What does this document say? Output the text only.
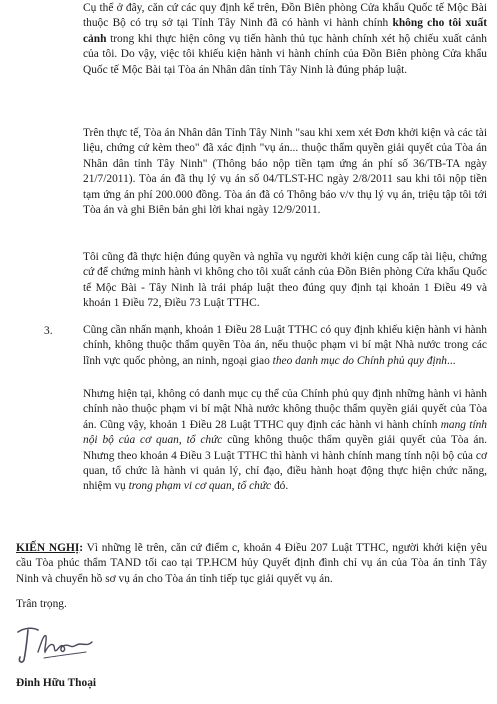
Cụ thể ở đây, căn cứ các quy định kể trên, Đồn Biên phòng Cửa khẩu Quốc tế Mộc Bài thuộc Bộ có trụ sở tại Tỉnh Tây Ninh đã có hành vi hành chính không cho tôi xuất cảnh trong khi thực hiện công vụ tiến hành thủ tục hành chính xét hộ chiếu xuất cảnh của tôi. Do vậy, việc tôi khiếu kiện hành vi hành chính của Đồn Biên phòng Cửa khẩu Quốc tế Mộc Bài tại Tòa án Nhân dân tỉnh Tây Ninh là đúng pháp luật.

Trên thực tế, Tòa án Nhân dân Tỉnh Tây Ninh "sau khi xem xét Đơn khởi kiện và các tài liệu, chứng cứ kèm theo" đã xác định "vụ án... thuộc thẩm quyền giải quyết của Tòa án Nhân dân tỉnh Tây Ninh" (Thông báo nộp tiền tạm ứng án phí số 36/TB-TA ngày 21/7/2011). Tòa án đã thụ lý vụ án số 04/TLST-HC ngày 2/8/2011 sau khi tôi nộp tiền tạm ứng án phí 200.000 đồng. Tòa án đã có Thông báo v/v thụ lý vụ án, triệu tập tôi tới Tòa án và ghi Biên bản ghi lời khai ngày 12/9/2011.

Tôi cũng đã thực hiện đúng quyền và nghĩa vụ người khởi kiện cung cấp tài liệu, chứng cứ để chứng minh hành vi không cho tôi xuất cảnh của Đồn Biên phòng Cửa khẩu Quốc tế Mộc Bài - Tây Ninh là trái pháp luật theo đúng quy định tại khoản 1 Điều 49 và khoản 1 Điều 72, Điều 73 Luật TTHC.

3.	Cũng cần nhấn mạnh, khoản 1 Điều 28 Luật TTHC có quy định khiếu kiện hành vi hành chính, không thuộc thẩm quyền Tòa án, nếu thuộc phạm vi bí mật Nhà nước trong các lĩnh vực quốc phòng, an ninh, ngoại giao theo danh mục do Chính phủ quy định...

Nhưng hiện tại, không có danh mục cụ thể của Chính phủ quy định những hành vi hành chính nào thuộc phạm vi bí mật Nhà nước không thuộc thẩm quyền giải quyết của Tòa án. Cũng vậy, khoản 1 Điều 28 Luật TTHC quy định các hành vi hành chính mang tính nội bộ của cơ quan, tổ chức cũng không thuộc thẩm quyền giải quyết của Tòa án. Nhưng theo khoản 4 Điều 3 Luật TTHC thì hành vi hành chính mang tính nội bộ của cơ quan, tổ chức là hành vi quản lý, chỉ đạo, điều hành hoạt động thực hiện chức năng, nhiệm vụ trong phạm vi cơ quan, tổ chức đó.

KIẾN NGHỊ: Vì những lẽ trên, căn cứ điểm c, khoản 4 Điều 207 Luật TTHC, người khởi kiện yêu cầu Tòa phúc thẩm TAND tối cao tại TP.HCM hủy Quyết định đình chỉ vụ án của Tòa án tỉnh Tây Ninh và chuyển hồ sơ vụ án cho Tòa án tỉnh tiếp tục giải quyết vụ án.

Trân trọng.

Đinh Hữu Thoại
